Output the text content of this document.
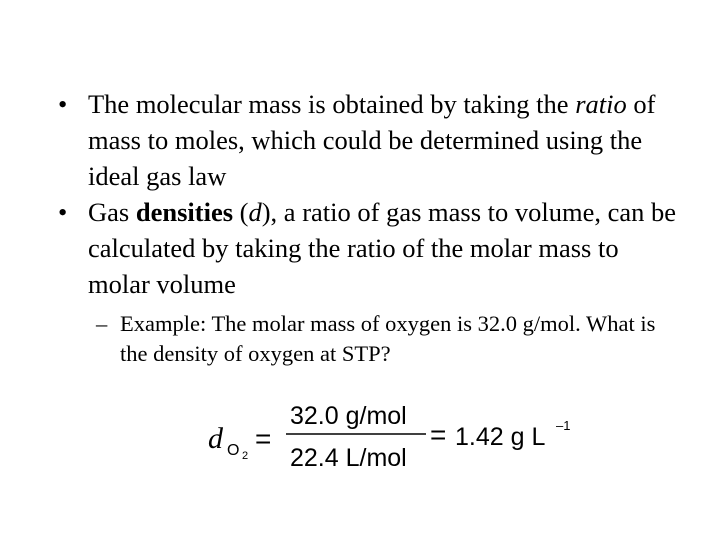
• The molecular mass is obtained by taking the ratio of mass to moles, which could be determined using the ideal gas law
• Gas densities (d), a ratio of gas mass to volume, can be calculated by taking the ratio of the molar mass to molar volume
– Example: The molar mass of oxygen is 32.0 g/mol. What is the density of oxygen at STP?
d O 2
=
32.0 g/mol
22.4 L/mol
= 1.42 g L –1
